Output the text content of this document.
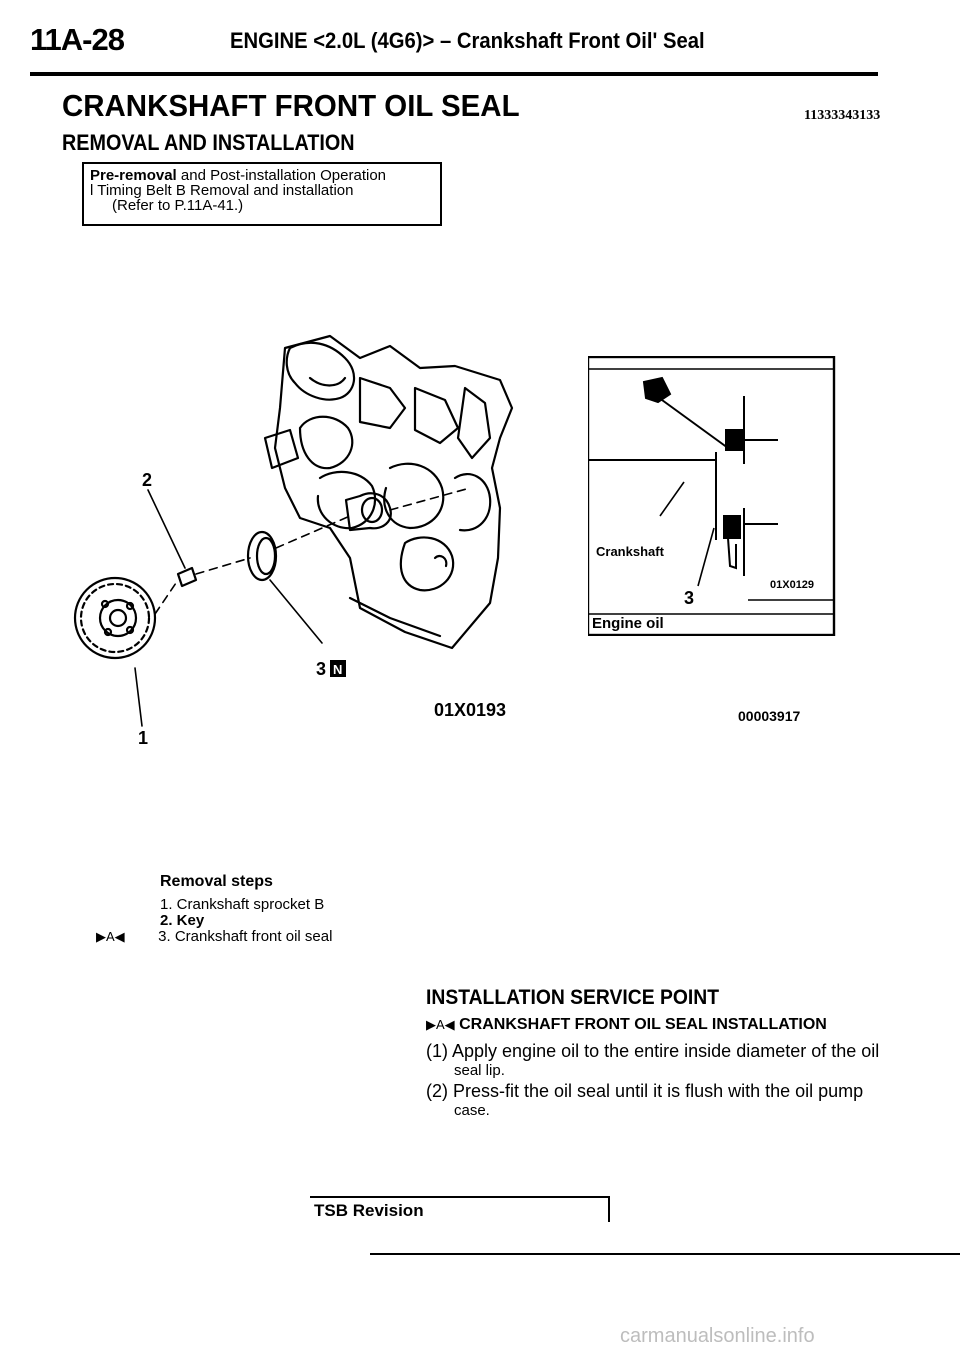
11A-28	ENGINE <2.0L (4G6)> – Crankshaft Front Oil' Seal
CRANKSHAFT FRONT OIL SEAL	11333343133
REMOVAL AND INSTALLATION
Pre-removal and Post-installation Operation
l Timing Belt B Removal and installation
(Refer to P.11A-41.)
2
1
3 N
01X0193
Crankshaft
3
01X0129
Engine oil
00003917
Removal steps
1. Crankshaft sprocket B
2. Key
▶A◀ 3. Crankshaft front oil seal
INSTALLATION SERVICE POINT
▶A◀ CRANKSHAFT FRONT OIL SEAL INSTALLATION
(1) Apply engine oil to the entire inside diameter of the oil
seal lip.
(2) Press-fit the oil seal until it is flush with the oil pump
case.
TSB Revision
carmanualsonline.info
